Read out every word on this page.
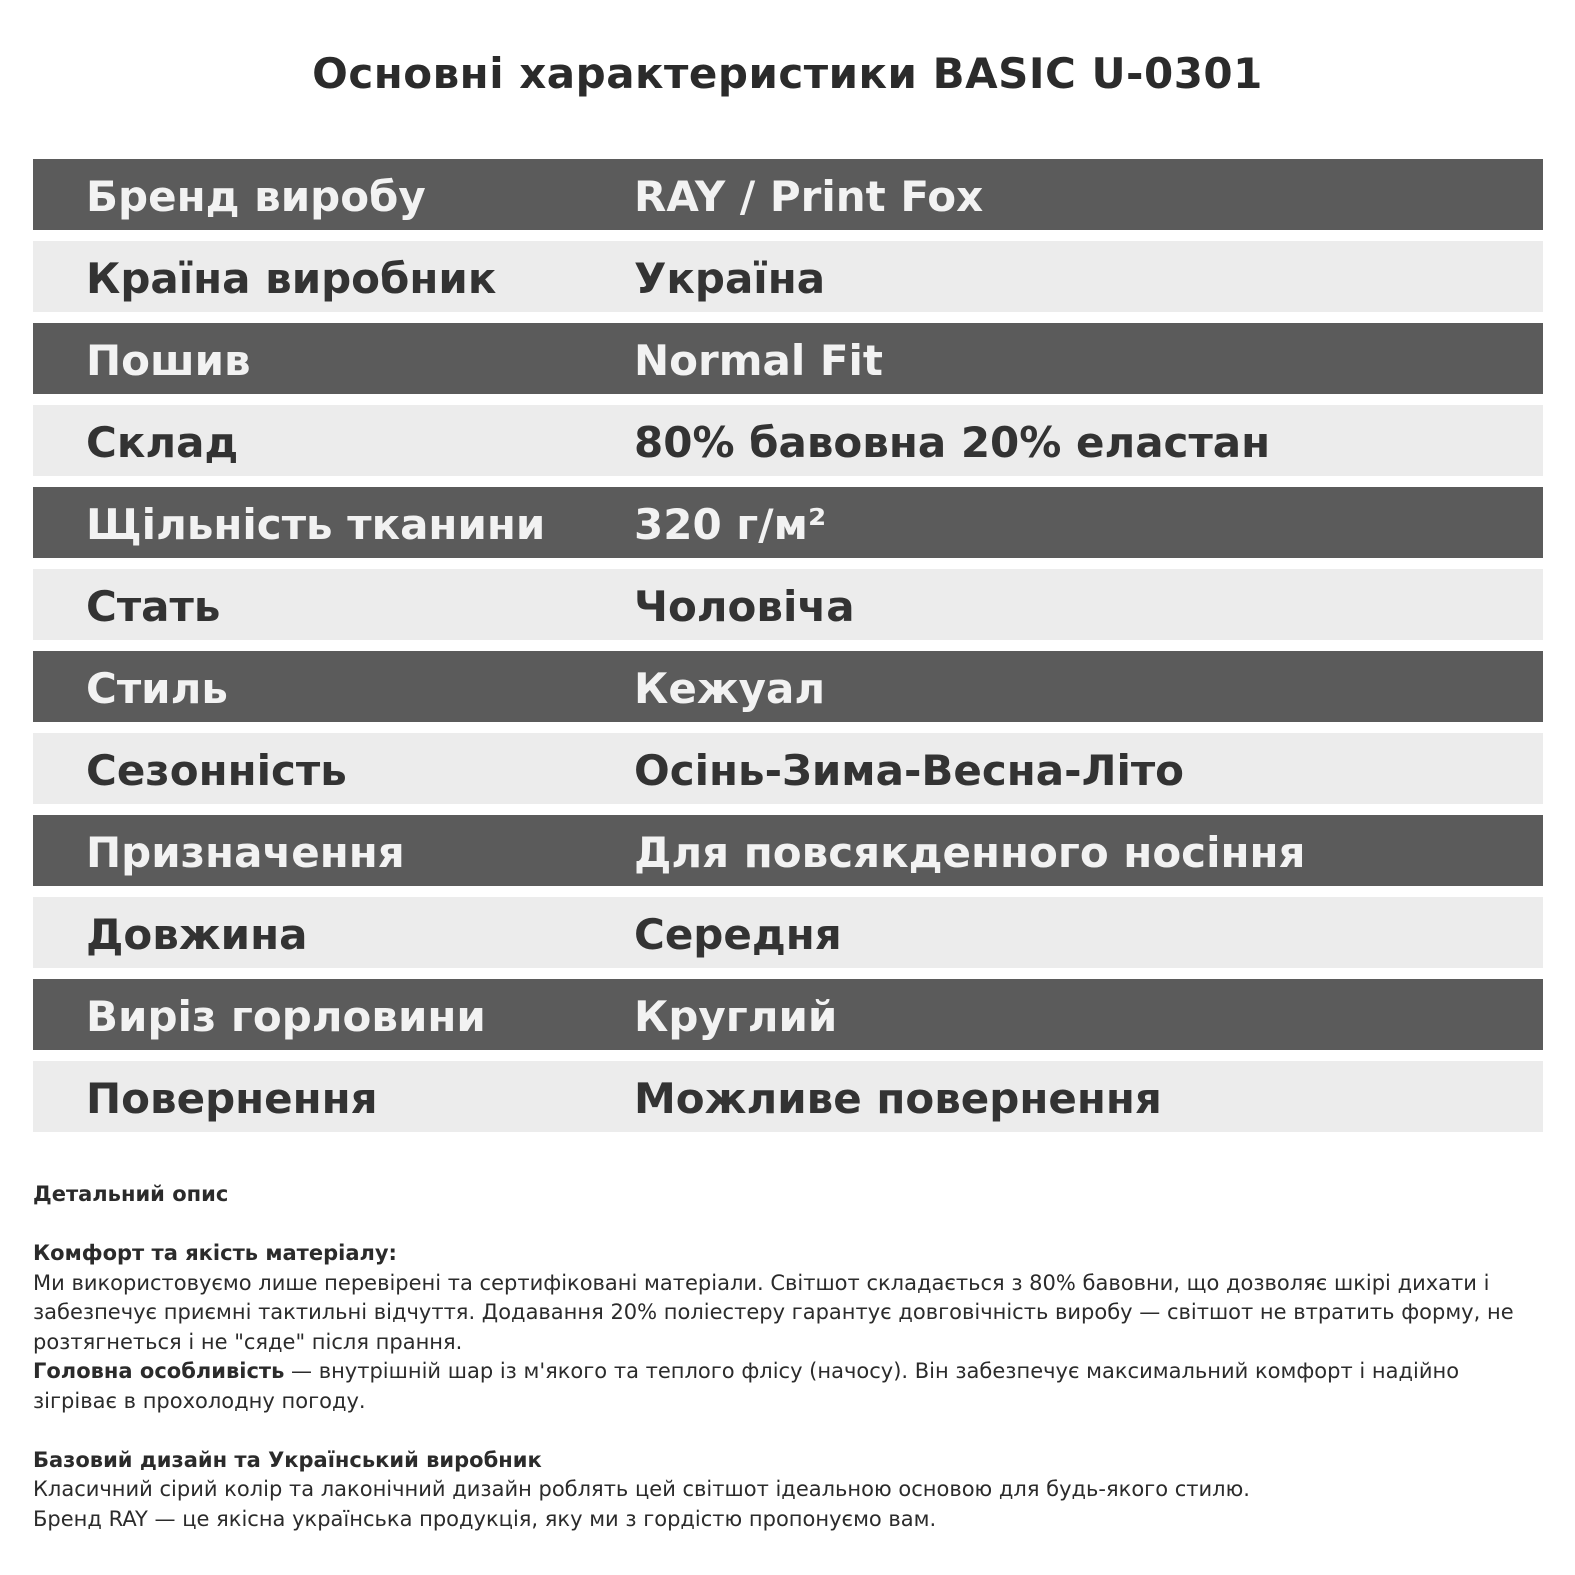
Основні характеристики BASIC U-0301
Бренд виробу	RAY / Print Fox
Країна виробник	Україна
Пошив	Normal Fit
Склад	80% бавовна 20% еластан
Щільність тканини 320 г/м²
Стать	Чоловіча
Стиль	Кежуал
Сезонність	Осінь-Зима-Весна-Літо
Призначення	Для повсякденного носіння
Довжина	Середня
Виріз горловини	Круглий
Повернення	Можливе повернення

Детальний опис

Комфорт та якість матеріалу:

Ми використовуємо лише перевірені та сертифіковані матеріали. Світшот складається з 80% бавовни, що дозволяє шкірі дихати і забезпечує приємні тактильні відчуття. Додавання 20% поліестеру гарантує довговічність виробу — світшот не втратить форму, не розтягнеться і не "сяде" після прання.

Головна особливість — внутрішній шар із м'якого та теплого флісу (начосу). Він забезпечує максимальний комфорт і надійно зігріває в прохолодну погоду.

Базовий дизайн та Український виробник

Класичний сірий колір та лаконічний дизайн роблять цей світшот ідеальною основою для будь-якого стилю.

Бренд RAY — це якісна українська продукція, яку ми з гордістю пропонуємо вам.
